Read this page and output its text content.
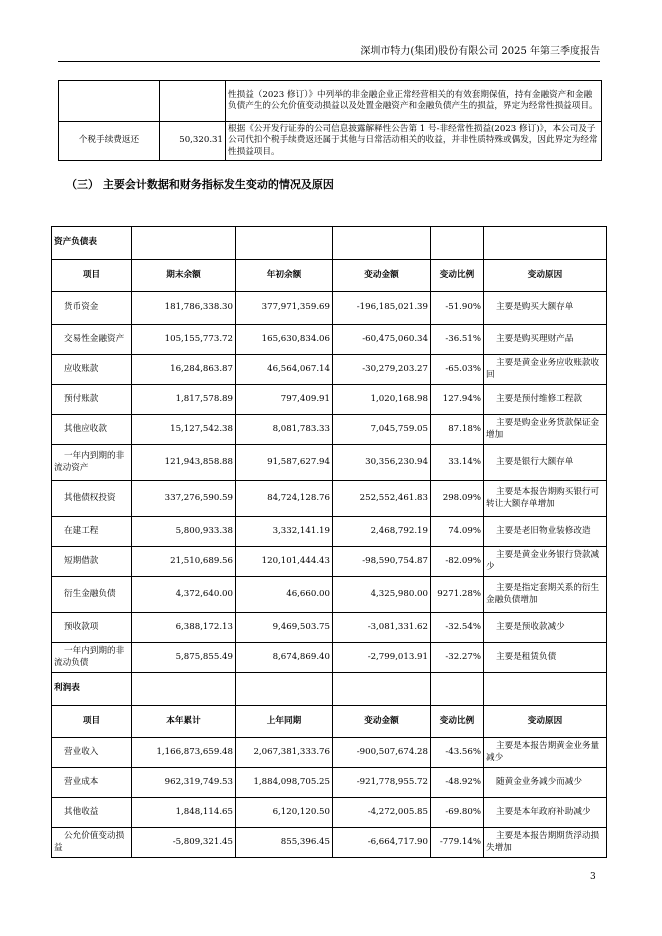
深圳市特力(集团)股份有限公司 2025 年第三季度报告
		性损益（2023 修订）》中列举的非金融企业正常经营相关的有效套期保值，持有金融资产和金融负债产生的公允价值变动损益以及处置金融资产和金融负债产生的损益，界定为经常性损益项目。
个税手续费返还	50,320.31	根据《公开发行证券的公司信息披露解释性公告第 1 号-非经常性损益(2023 修订)》，本公司及子公司代扣个税手续费返还属于其他与日常活动相关的收益，并非性质特殊或偶发，因此界定为经常性损益项目。
（三） 主要会计数据和财务指标发生变动的情况及原因
资产负债表					
项目	期末余额	年初余额	变动金额	变动比例	变动原因
货币资金	181,786,338.30	377,971,359.69	-196,185,021.39	-51.90%	主要是购买大额存单
交易性金融资产	105,155,773.72	165,630,834.06	-60,475,060.34	-36.51%	主要是购买理财产品
应收账款	16,284,863.87	46,564,067.14	-30,279,203.27	-65.03%	主要是黄金业务应收账款收回
预付账款	1,817,578.89	797,409.91	1,020,168.98	127.94%	主要是预付维修工程款
其他应收款	15,127,542.38	8,081,783.33	7,045,759.05	87.18%	主要是购金业务货款保证金增加
一年内到期的非流动资产	121,943,858.88	91,587,627.94	30,356,230.94	33.14%	主要是银行大额存单
其他债权投资	337,276,590.59	84,724,128.76	252,552,461.83	298.09%	主要是本报告期购买银行可转让大额存单增加
在建工程	5,800,933.38	3,332,141.19	2,468,792.19	74.09%	主要是老旧物业装修改造
短期借款	21,510,689.56	120,101,444.43	-98,590,754.87	-82.09%	主要是黄金业务银行贷款减少
衍生金融负债	4,372,640.00	46,660.00	4,325,980.00	9271.28%	主要是指定套期关系的衍生金融负债增加
预收款项	6,388,172.13	9,469,503.75	-3,081,331.62	-32.54%	主要是预收款减少
一年内到期的非流动负债	5,875,855.49	8,674,869.40	-2,799,013.91	-32.27%	主要是租赁负债
利润表					
项目	本年累计	上年同期	变动金额	变动比例	变动原因
营业收入	1,166,873,659.48	2,067,381,333.76	-900,507,674.28	-43.56%	主要是本报告期黄金业务量减少
营业成本	962,319,749.53	1,884,098,705.25	-921,778,955.72	-48.92%	随黄金业务减少而减少
其他收益	1,848,114.65	6,120,120.50	-4,272,005.85	-69.80%	主要是本年政府补助减少
公允价值变动损益	-5,809,321.45	855,396.45	-6,664,717.90	-779.14%	主要是本报告期期货浮动损失增加
3
